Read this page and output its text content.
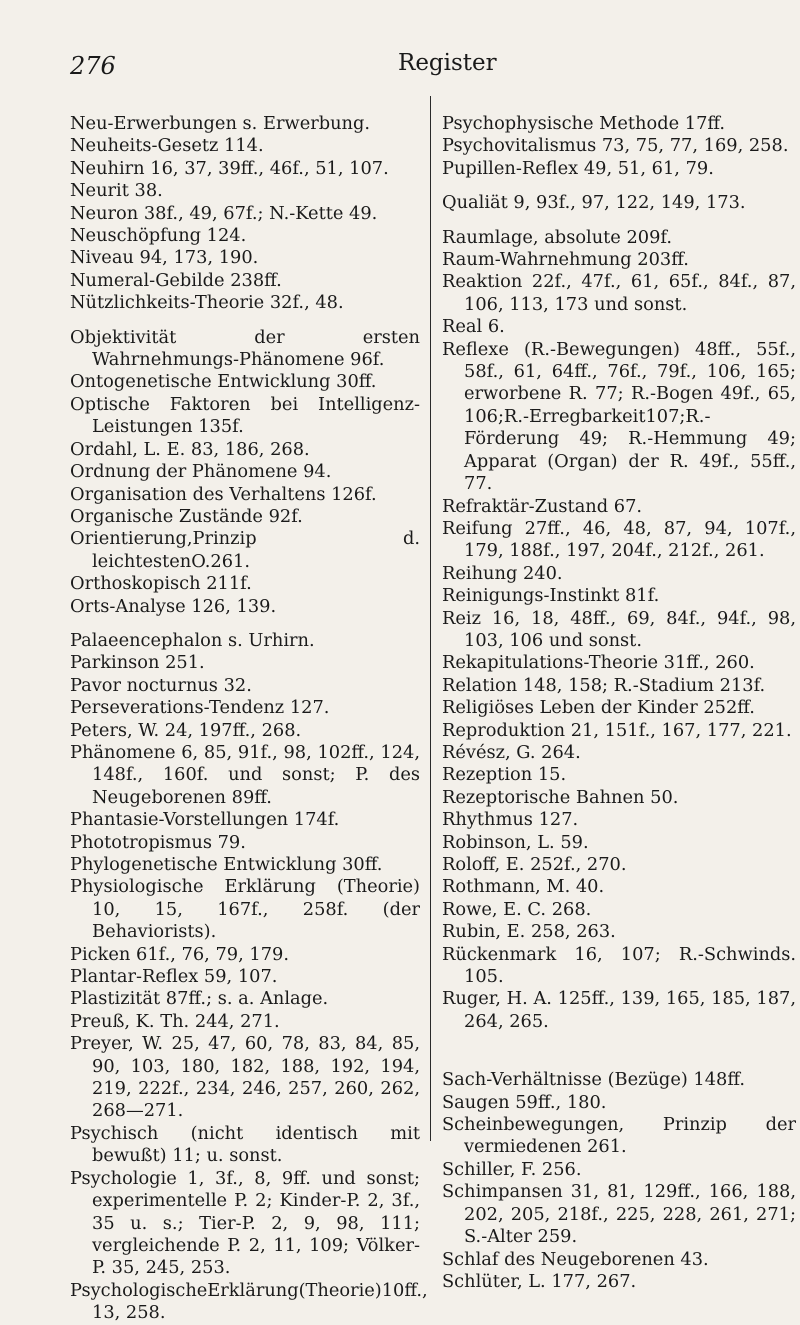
276	Register
Neu-Erwerbungen s. Erwerbung.
Neuheits-Gesetz 114.
Neuhirn 16, 37, 39ff., 46f., 51, 107.
Neurit 38.
Neuron 38f., 49, 67f.; N.-Kette 49.
Neuschöpfung 124.
Niveau 94, 173, 190.
Numeral-Gebilde 238ff.
Nützlichkeits-Theorie 32f., 48.
Objektivität der ersten Wahrnehmungs-Phänomene 96f.
Ontogenetische Entwicklung 30ff.
Optische Faktoren bei Intelligenz-Leistungen 135f.
Ordahl, L. E. 83, 186, 268.
Ordnung der Phänomene 94.
Organisation des Verhaltens 126f.
Organische Zustände 92f.
Orientierung,Prinzip d. leichtestenO.261.
Orthoskopisch 211f.
Orts-Analyse 126, 139.
Palaeencephalon s. Urhirn.
Parkinson 251.
Pavor nocturnus 32.
Perseverations-Tendenz 127.
Peters, W. 24, 197ff., 268.
Phänomene 6, 85, 91f., 98, 102ff., 124, 148f., 160f. und sonst; P. des Neugeborenen 89ff.
Phantasie-Vorstellungen 174f.
Phototropismus 79.
Phylogenetische Entwicklung 30ff.
Physiologische Erklärung (Theorie) 10, 15, 167f., 258f. (der Behaviorists).
Picken 61f., 76, 79, 179.
Plantar-Reflex 59, 107.
Plastizität 87ff.; s. a. Anlage.
Preuß, K. Th. 244, 271.
Preyer, W. 25, 47, 60, 78, 83, 84, 85, 90, 103, 180, 182, 188, 192, 194, 219, 222f., 234, 246, 257, 260, 262, 268—271.
Psychisch (nicht identisch mit bewußt) 11; u. sonst.
Psychologie 1, 3f., 8, 9ff. und sonst; experimentelle P. 2; Kinder-P. 2, 3f., 35 u. s.; Tier-P. 2, 9, 98, 111; vergleichende P. 2, 11, 109; Völker-P. 35, 245, 253.
PsychologischeErklärung(Theorie)10ff., 13, 258.
Psychophysische Methode 17ff.
Psychovitalismus 73, 75, 77, 169, 258.
Pupillen-Reflex 49, 51, 61, 79.
Qualiät 9, 93f., 97, 122, 149, 173.
Raumlage, absolute 209f.
Raum-Wahrnehmung 203ff.
Reaktion 22f., 47f., 61, 65f., 84f., 87, 106, 113, 173 und sonst.
Real 6.
Reflexe (R.-Bewegungen) 48ff., 55f., 58f., 61, 64ff., 76f., 79f., 106, 165; erworbene R. 77; R.-Bogen 49f., 65, 106;R.-Erregbarkeit107;R.-Förderung 49; R.-Hemmung 49; Apparat (Organ) der R. 49f., 55ff., 77.
Refraktär-Zustand 67.
Reifung 27ff., 46, 48, 87, 94, 107f., 179, 188f., 197, 204f., 212f., 261.
Reihung 240.
Reinigungs-Instinkt 81f.
Reiz 16, 18, 48ff., 69, 84f., 94f., 98, 103, 106 und sonst.
Rekapitulations-Theorie 31ff., 260.
Relation 148, 158; R.-Stadium 213f.
Religiöses Leben der Kinder 252ff.
Reproduktion 21, 151f., 167, 177, 221.
Révész, G. 264.
Rezeption 15.
Rezeptorische Bahnen 50.
Rhythmus 127.
Robinson, L. 59.
Roloff, E. 252f., 270.
Rothmann, M. 40.
Rowe, E. C. 268.
Rubin, E. 258, 263.
Rückenmark 16, 107; R.-Schwinds. 105.
Ruger, H. A. 125ff., 139, 165, 185, 187, 264, 265.
Sach-Verhältnisse (Bezüge) 148ff.
Saugen 59ff., 180.
Scheinbewegungen, Prinzip der vermiedenen 261.
Schiller, F. 256.
Schimpansen 31, 81, 129ff., 166, 188, 202, 205, 218f., 225, 228, 261, 271; S.-Alter 259.
Schlaf des Neugeborenen 43.
Schlüter, L. 177, 267.
